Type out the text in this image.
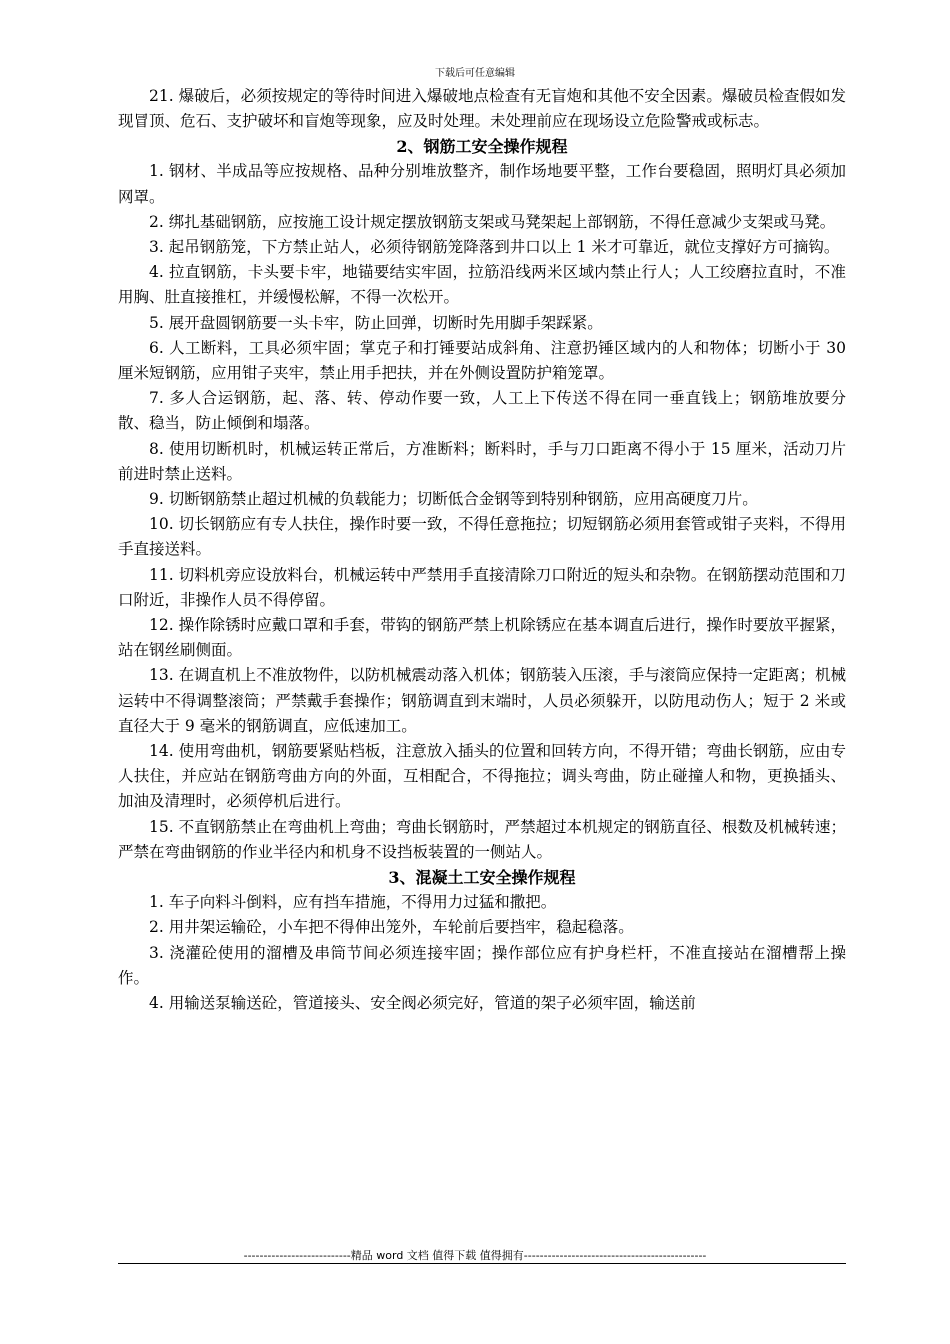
下载后可任意编辑

21. 爆破后，必须按规定的等待时间进入爆破地点检查有无盲炮和其他不安全因素。爆破员检查假如发现冒顶、危石、支护破坏和盲炮等现象，应及时处理。未处理前应在现场设立危险警戒或标志。

2、钢筋工安全操作规程

1. 钢材、半成品等应按规格、品种分别堆放整齐，制作场地要平整，工作台要稳固，照明灯具必须加网罩。

2. 绑扎基础钢筋，应按施工设计规定摆放钢筋支架或马凳架起上部钢筋，不得任意减少支架或马凳。

3. 起吊钢筋笼，下方禁止站人，必须待钢筋笼降落到井口以上 1 米才可靠近，就位支撑好方可摘钩。

4. 拉直钢筋，卡头要卡牢，地锚要结实牢固，拉筋沿线两米区域内禁止行人；人工绞磨拉直时，不准用胸、肚直接推杠，并缓慢松解，不得一次松开。

5. 展开盘圆钢筋要一头卡牢，防止回弹，切断时先用脚手架踩紧。

6. 人工断料，工具必须牢固；掌克子和打锤要站成斜角、注意扔锤区域内的人和物体；切断小于 30 厘米短钢筋，应用钳子夹牢，禁止用手把扶，并在外侧设置防护箱笼罩。

7. 多人合运钢筋，起、落、转、停动作要一致，人工上下传送不得在同一垂直钱上；钢筋堆放要分散、稳当，防止倾倒和塌落。

8. 使用切断机时，机械运转正常后，方准断料；断料时，手与刀口距离不得小于 15 厘米，活动刀片前进时禁止送料。

9. 切断钢筋禁止超过机械的负载能力；切断低合金钢等到特别种钢筋，应用高硬度刀片。

10. 切长钢筋应有专人扶住，操作时要一致，不得任意拖拉；切短钢筋必须用套管或钳子夹料，不得用手直接送料。

11. 切料机旁应设放料台，机械运转中严禁用手直接清除刀口附近的短头和杂物。在钢筋摆动范围和刀口附近，非操作人员不得停留。

12. 操作除锈时应戴口罩和手套，带钩的钢筋严禁上机除锈应在基本调直后进行，操作时要放平握紧，站在钢丝刷侧面。

13. 在调直机上不准放物件，以防机械震动落入机体；钢筋装入压滚，手与滚筒应保持一定距离；机械运转中不得调整滚筒；严禁戴手套操作；钢筋调直到末端时，人员必须躲开，以防甩动伤人；短于 2 米或直径大于 9 毫米的钢筋调直，应低速加工。

14. 使用弯曲机，钢筋要紧贴档板，注意放入插头的位置和回转方向，不得开错；弯曲长钢筋，应由专人扶住，并应站在钢筋弯曲方向的外面，互相配合，不得拖拉；调头弯曲，防止碰撞人和物，更换插头、加油及清理时，必须停机后进行。

15. 不直钢筋禁止在弯曲机上弯曲；弯曲长钢筋时，严禁超过本机规定的钢筋直径、根数及机械转速；严禁在弯曲钢筋的作业半径内和机身不设挡板装置的一侧站人。

3、混凝土工安全操作规程

1. 车子向料斗倒料，应有挡车措施，不得用力过猛和撒把。

2. 用井架运输砼，小车把不得伸出笼外，车轮前后要挡牢，稳起稳落。

3. 浇灌砼使用的溜槽及串筒节间必须连接牢固；操作部位应有护身栏杆，不准直接站在溜槽帮上操作。

4. 用输送泵输送砼，管道接头、安全阀必须完好，管道的架子必须牢固，输送前

---------------------------精品 word 文档 值得下载 值得拥有----------------------------------------------
